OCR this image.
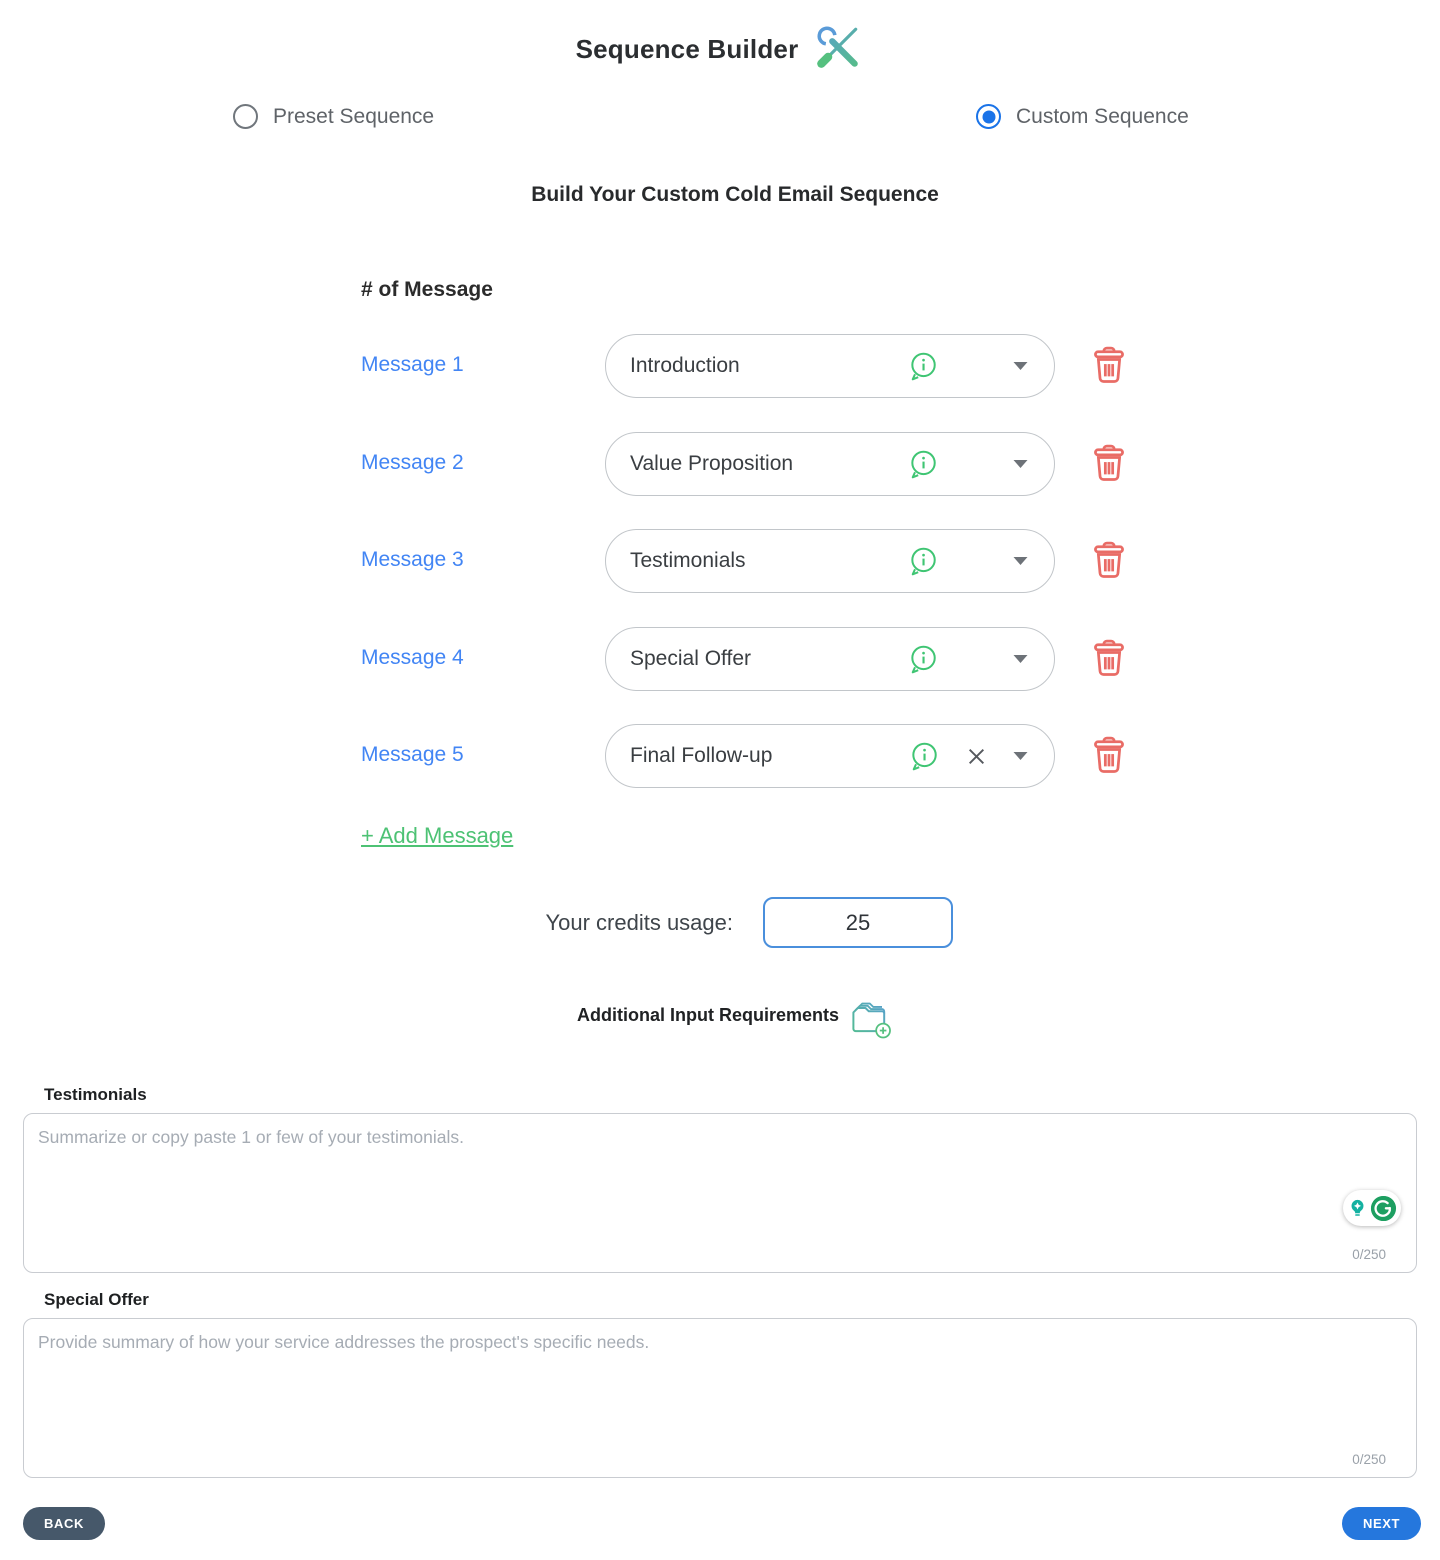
Sequence Builder
Preset Sequence	Custom Sequence
Build Your Custom Cold Email Sequence
# of Message
Message 1	Introduction
Message 2	Value Proposition
Message 3	Testimonials
Message 4	Special Offer
Message 5	Final Follow-up
+ Add Message
Your credits usage:	25
Additional Input Requirements
Testimonials
Summarize or copy paste 1 or few of your testimonials.
0/250
Special Offer
Provide summary of how your service addresses the prospect's specific needs.
0/250
BACK	NEXT
